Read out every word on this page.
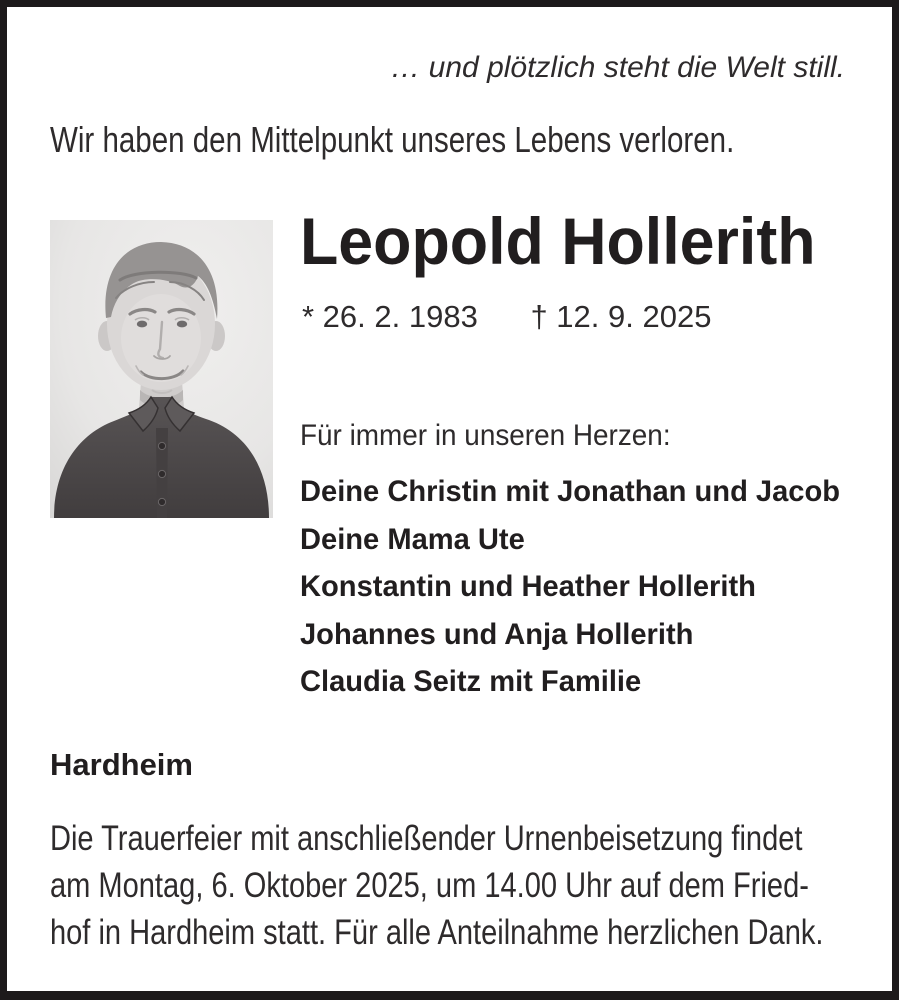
… und plötzlich steht die Welt still.
Wir haben den Mittelpunkt unseres Lebens verloren.
Leopold Hollerith
* 26. 2. 1983 † 12. 9. 2025
Für immer in unseren Herzen:
Deine Christin mit Jonathan und Jacob
Deine Mama Ute
Konstantin und Heather Hollerith
Johannes und Anja Hollerith
Claudia Seitz mit Familie
Hardheim
Die Trauerfeier mit anschließender Urnenbeisetzung findet
am Montag, 6. Oktober 2025, um 14.00 Uhr auf dem Fried-
hof in Hardheim statt. Für alle Anteilnahme herzlichen Dank.
